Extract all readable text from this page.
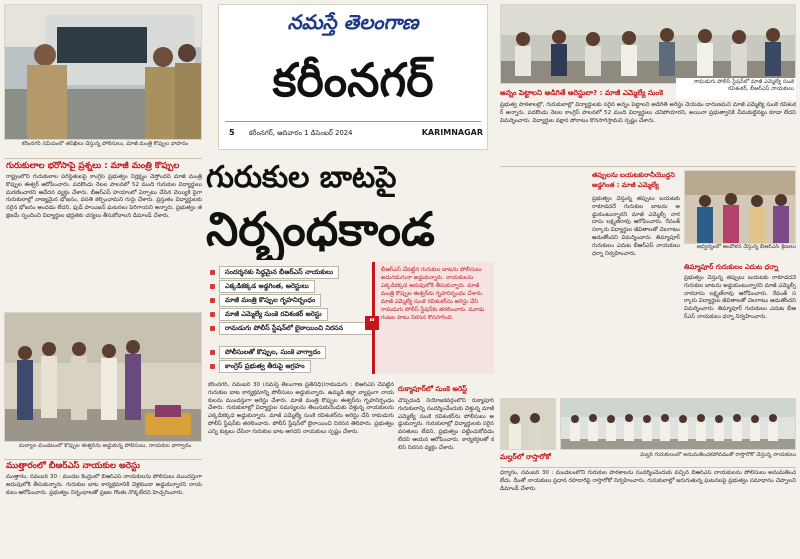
కరీంనగర్ సమీపంలో తనిఖీలు చేస్తున్న పోలీసులు, మాజీ మంత్రి కొప్పుల వాహనం
గురుకులాల భరోసాపై ప్రశ్నలు : మాజీ మంత్రి కొప్పుల
రాష్ట్రంలోని గురుకులాల పరిస్థితులపై కాంగ్రెస్ ప్రభుత్వం నిర్లక్ష్యం చేస్తోందని మాజీ మంత్రి కొప్పుల ఈశ్వర్ ఆరోపించారు. పదకొండు నెలల పాలనలో 52 మంది గురుకుల విద్యార్థులు మరణించారని ఆవేదన వ్యక్తం చేశారు. బీఆర్ఎస్ హయాంలో ఏర్పాటు చేసిన వెయ్యికి పైగా గురుకులాల్లో నాణ్యమైన భోజనం, వసతి కల్పించామని గుర్తు చేశారు. ప్రస్తుతం విద్యార్థులకు సరైన భోజనం అందడం లేదని, ఫుడ్ పాయిజన్ ఘటనలు పెరిగాయని అన్నారు. ప్రభుత్వం తక్షణమే స్పందించి విద్యార్థుల భద్రతకు చర్యలు తీసుకోవాలని డిమాండ్ చేశారు.
మల్యాల మండలంలో కొప్పుల ఈశ్వర్‌ను అడ్డుకున్న పోలీసులు, నాయకుల వాగ్వాదం
ముత్తారంలో బీఆర్ఎస్ నాయకుల అరెస్టు
ముత్తారం, నవంబర్ 30 : మండల కేంద్రంలో బీఆర్ఎస్ నాయకులను పోలీసులు ముందస్తుగా అదుపులోకి తీసుకున్నారు. గురుకుల బాట కార్యక్రమానికి వెళ్లకుండా అడ్డుకున్నారని నాయకులు ఆరోపించారు. ప్రభుత్వం నిర్బంధాలతో ప్రజల గొంతు నొక్కలేదని హెచ్చరించారు.
నమస్తే తెలంగాణ
కరీంనగర్
5	కరీంనగర్, ఆదివారం 1 డిసెంబర్ 2024	KARIMNAGAR
గురుకుల బాటపై
నిర్బంధకాండ
సందర్శనకు సిద్ధమైన బీఆర్ఎస్ నాయకులు
ఎక్కడికక్కడ అడ్డగింత, అరెస్టులు
మాజీ మంత్రి కొప్పుల గృహనిర్బంధం
మాజీ ఎమ్మెల్యే సుంకె రవిశంకర్ అరెస్టు
రామడుగు పోలీస్ స్టేషన్‌లో బైఠాయించి నిరసన
పోలీసులతో కొప్పుల, సుంకె వాగ్వాదం
కాంగ్రెస్ ప్రభుత్వ తీరుపై ఆగ్రహం
“
బీఆర్ఎస్ చేపట్టిన గురుకుల బాటను పోలీసులు అడుగడుగునా అడ్డుకున్నారు. నాయకులను ఎక్కడికక్కడ అదుపులోకి తీసుకున్నారు. మాజీ మంత్రి కొప్పుల ఈశ్వర్‌ను గృహనిర్బంధం చేశారు. మాజీ ఎమ్మెల్యే సుంకె రవిశంకర్‌ను అరెస్టు చేసి రామడుగు పోలీస్ స్టేషన్‌కు తరలించారు. మూడు గంటల పాటు నిరసన కొనసాగింది.
కరీంనగర్, నవంబర్ 30 (నమస్తే తెలంగాణ ప్రతినిధి)/రామడుగు : బీఆర్ఎస్ చేపట్టిన గురుకుల బాట కార్యక్రమాన్ని పోలీసులు అడ్డుకున్నారు. ఉమ్మడి జిల్లా వ్యాప్తంగా నాయకులను ముందస్తుగా అరెస్టు చేశారు. మాజీ మంత్రి కొప్పుల ఈశ్వర్‌ను గృహనిర్బంధం చేశారు. గురుకులాల్లో విద్యార్థుల సమస్యలను తెలుసుకునేందుకు వెళ్తున్న నాయకులను ఎక్కడికక్కడ అడ్డుకున్నారు. మాజీ ఎమ్మెల్యే సుంకె రవిశంకర్‌ను అరెస్టు చేసి రామడుగు పోలీస్ స్టేషన్‌కు తరలించారు. పోలీస్ స్టేషన్‌లో బైఠాయించి నిరసన తెలిపారు. ప్రభుత్వం ఎన్ని కుట్రలు చేసినా గురుకుల బాట ఆగదని నాయకులు స్పష్టం చేశారు.
రుక్మాపూర్‌లో సుంకె అరెస్ట్
చొప్పదండి నియోజకవర్గంలోని రుక్మాపూర్ గురుకులాన్ని సందర్శించేందుకు వెళ్తున్న మాజీ ఎమ్మెల్యే సుంకె రవిశంకర్‌ను పోలీసులు అడ్డుకున్నారు. గురుకులాల్లో విద్యార్థులకు సరైన వసతులు లేవని, ప్రభుత్వం పట్టించుకోవడం లేదని ఆయన ఆరోపించారు. కార్యకర్తలతో కలిసి నిరసన వ్యక్తం చేశారు.
రామడుగు పోలీస్ స్టేషన్‌లో మాజీ ఎమ్మెల్యే సుంకె రవిశంకర్, బీఆర్ఎస్ నాయకులు
అన్నం పెట్టాలని అడిగితే అరెస్టులా? : మాజీ ఎమ్మెల్యే సుంకె
ప్రభుత్వ పాఠశాలల్లో, గురుకులాల్లో విద్యార్థులకు సరైన అన్నం పెట్టాలని అడిగితే అరెస్టు చేయడం దారుణమని మాజీ ఎమ్మెల్యే సుంకె రవిశంకర్ అన్నారు. పదకొండు నెలల కాంగ్రెస్ పాలనలో 52 మంది విద్యార్థులు చనిపోయారని, అయినా ప్రభుత్వానికి చీమకుట్టినట్టు కూడా లేదని విమర్శించారు. విద్యార్థుల పక్షాన పోరాటం కొనసాగిస్తామని స్పష్టం చేశారు.
తప్పులను బయటకురానీయొద్దని అడ్డగింత : మాజీ ఎమ్మెల్యే
ఆధ్వర్యంలో ఆందోళన చేస్తున్న బీఆర్ఎస్ శ్రేణులు
ప్రభుత్వం చేస్తున్న తప్పులు బయటకు రాకూడదనే గురుకుల బాటను అడ్డుకుంటున్నారని మాజీ ఎమ్మెల్సీ నారదాసు లక్ష్మణ్‌రావు ఆరోపించారు. రేవంత్ సర్కారు విద్యార్థుల జీవితాలతో చెలగాటం ఆడుతోందని విమర్శించారు. తిమ్మాపూర్ గురుకులం ఎదుట బీఆర్ఎస్ నాయకులు ధర్నా నిర్వహించారు.
తిమ్మాపూర్ గురుకులం ఎదుట ధర్నా
ప్రభుత్వం చేస్తున్న తప్పులు బయటకు రాకూడదనే గురుకుల బాటను అడ్డుకుంటున్నారని మాజీ ఎమ్మెల్సీ నారదాసు లక్ష్మణ్‌రావు ఆరోపించారు. రేవంత్ సర్కారు విద్యార్థుల జీవితాలతో చెలగాటం ఆడుతోందని విమర్శించారు. తిమ్మాపూర్ గురుకులం ఎదుట బీఆర్ఎస్ నాయకులు ధర్నా నిర్వహించారు.
మల్హర్‌లో రాస్తారోకో	మల్హర్ గురుకులంలో అనుమతించకపోవడంతో రాస్తారోకో చేస్తున్న నాయకులు
ధర్మారం, నవంబర్ 30 : మండలంలోని గురుకుల పాఠశాలను సందర్శించేందుకు వచ్చిన బీఆర్ఎస్ నాయకులను పోలీసులు అనుమతించలేదు. దీంతో నాయకులు ప్రధాన రహదారిపై రాస్తారోకో నిర్వహించారు. గురుకులాల్లో జరుగుతున్న ఘటనలపై ప్రభుత్వం సమాధానం చెప్పాలని డిమాండ్ చేశారు.
